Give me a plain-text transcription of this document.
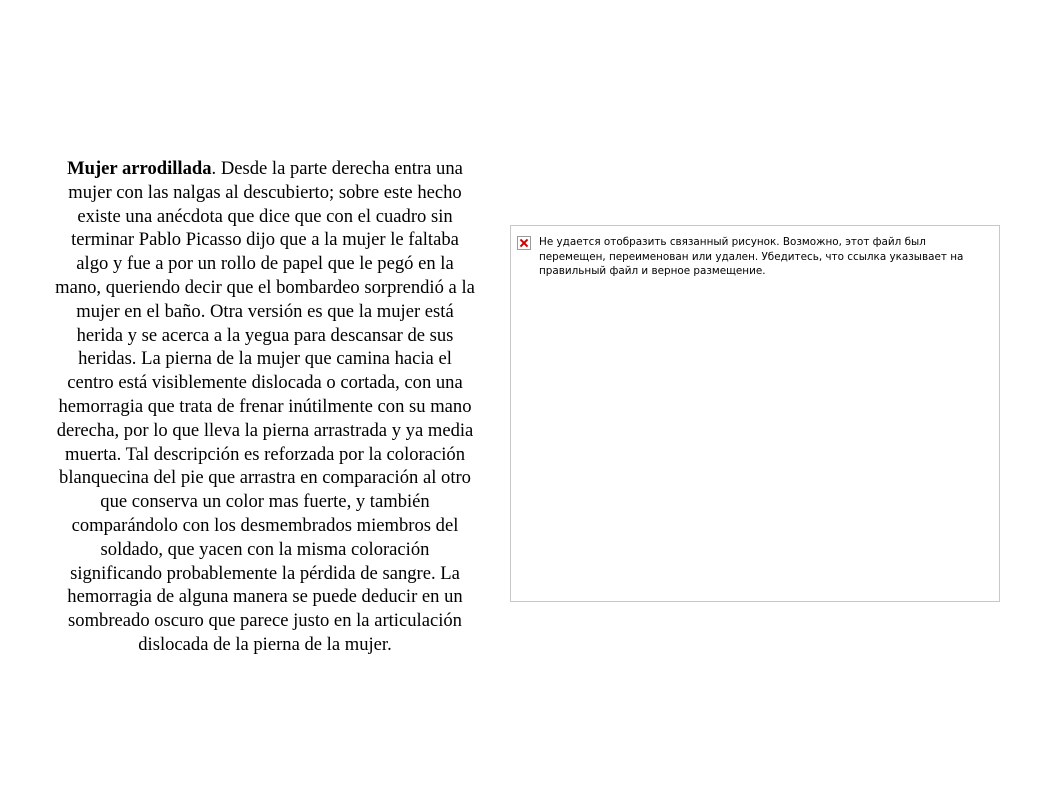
Mujer arrodillada. Desde la parte derecha entra una mujer con las nalgas al descubierto; sobre este hecho existe una anécdota que dice que con el cuadro sin terminar Pablo Picasso dijo que a la mujer le faltaba algo y fue a por un rollo de papel que le pegó en la mano, queriendo decir que el bombardeo sorprendió a la mujer en el baño. Otra versión es que la mujer está herida y se acerca a la yegua para descansar de sus heridas. La pierna de la mujer que camina hacia el centro está visiblemente dislocada o cortada, con una hemorragia que trata de frenar inútilmente con su mano derecha, por lo que lleva la pierna arrastrada y ya media muerta. Tal descripción es reforzada por la coloración blanquecina del pie que arrastra en comparación al otro que conserva un color mas fuerte, y también comparándolo con los desmembrados miembros del soldado, que yacen con la misma coloración significando probablemente la pérdida de sangre. La hemorragia de alguna manera se puede deducir en un sombreado oscuro que parece justo en la articulación dislocada de la pierna de la mujer.
Не удается отобразить связанный рисунок. Возможно, этот файл был перемещен, переименован или удален. Убедитесь, что ссылка указывает на правильный файл и верное размещение.
